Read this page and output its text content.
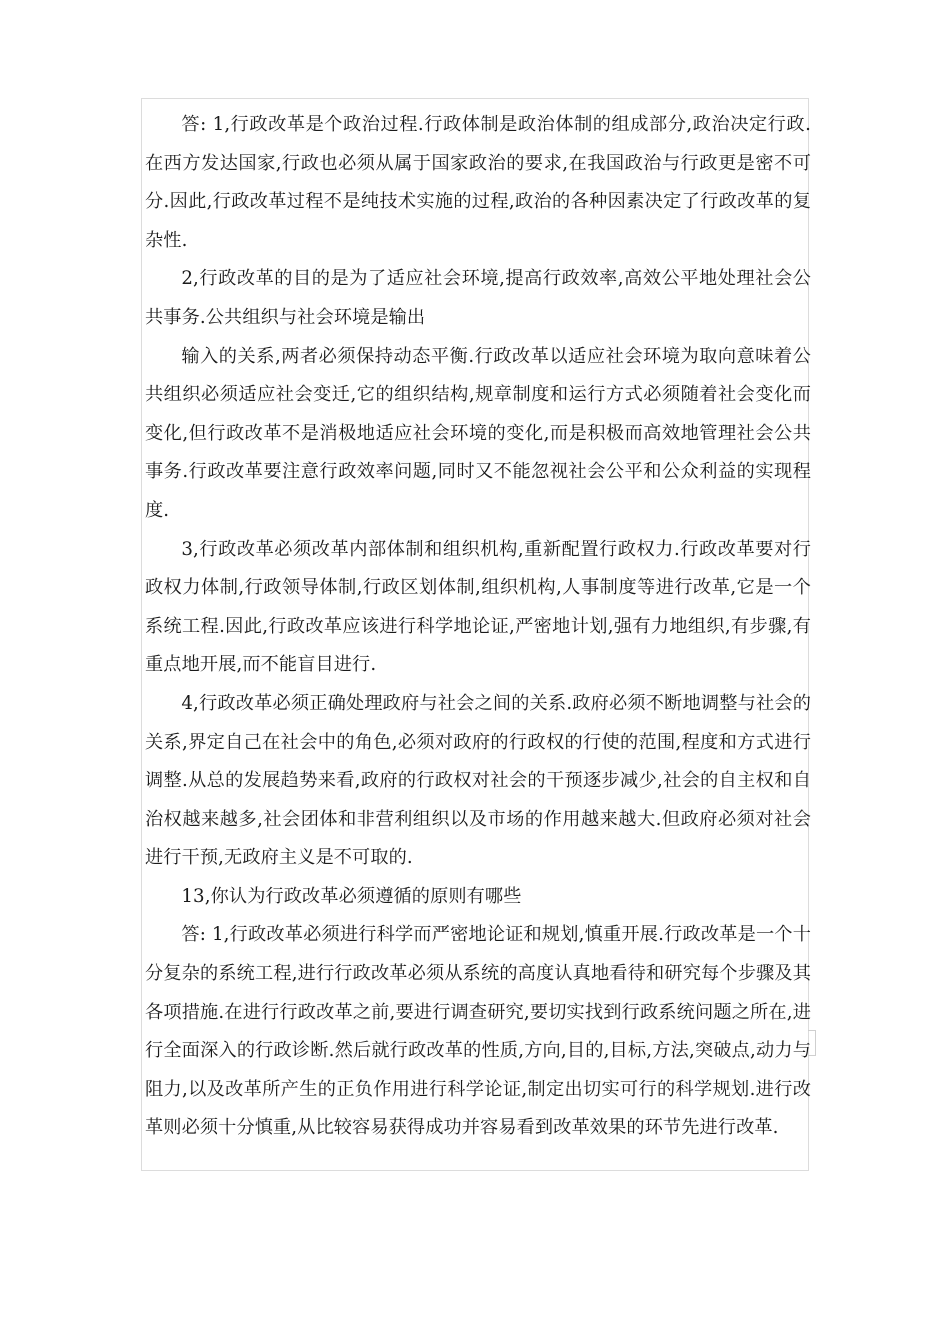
答: 1,行政改革是个政治过程.行政体制是政治体制的组成部分,政治决定行政.在西方发达国家,行政也必须从属于国家政治的要求,在我国政治与行政更是密不可分.因此,行政改革过程不是纯技术实施的过程,政治的各种因素决定了行政改革的复杂性.

2,行政改革的目的是为了适应社会环境,提高行政效率,高效公平地处理社会公共事务.公共组织与社会环境是输出

输入的关系,两者必须保持动态平衡.行政改革以适应社会环境为取向意味着公共组织必须适应社会变迁,它的组织结构,规章制度和运行方式必须随着社会变化而变化,但行政改革不是消极地适应社会环境的变化,而是积极而高效地管理社会公共事务.行政改革要注意行政效率问题,同时又不能忽视社会公平和公众利益的实现程度.

3,行政改革必须改革内部体制和组织机构,重新配置行政权力.行政改革要对行政权力体制,行政领导体制,行政区划体制,组织机构,人事制度等进行改革,它是一个系统工程.因此,行政改革应该进行科学地论证,严密地计划,强有力地组织,有步骤,有重点地开展,而不能盲目进行.

4,行政改革必须正确处理政府与社会之间的关系.政府必须不断地调整与社会的关系,界定自己在社会中的角色,必须对政府的行政权的行使的范围,程度和方式进行调整.从总的发展趋势来看,政府的行政权对社会的干预逐步减少,社会的自主权和自治权越来越多,社会团体和非营利组织以及市场的作用越来越大.但政府必须对社会进行干预,无政府主义是不可取的.

13,你认为行政改革必须遵循的原则有哪些

答: 1,行政改革必须进行科学而严密地论证和规划,慎重开展.行政改革是一个十分复杂的系统工程,进行行政改革必须从系统的高度认真地看待和研究每个步骤及其各项措施.在进行行政改革之前,要进行调查研究,要切实找到行政系统问题之所在,进行全面深入的行政诊断.然后就行政改革的性质,方向,目的,目标,方法,突破点,动力与阻力,以及改革所产生的正负作用进行科学论证,制定出切实可行的科学规划.进行改革则必须十分慎重,从比较容易获得成功并容易看到改革效果的环节先进行改革.
